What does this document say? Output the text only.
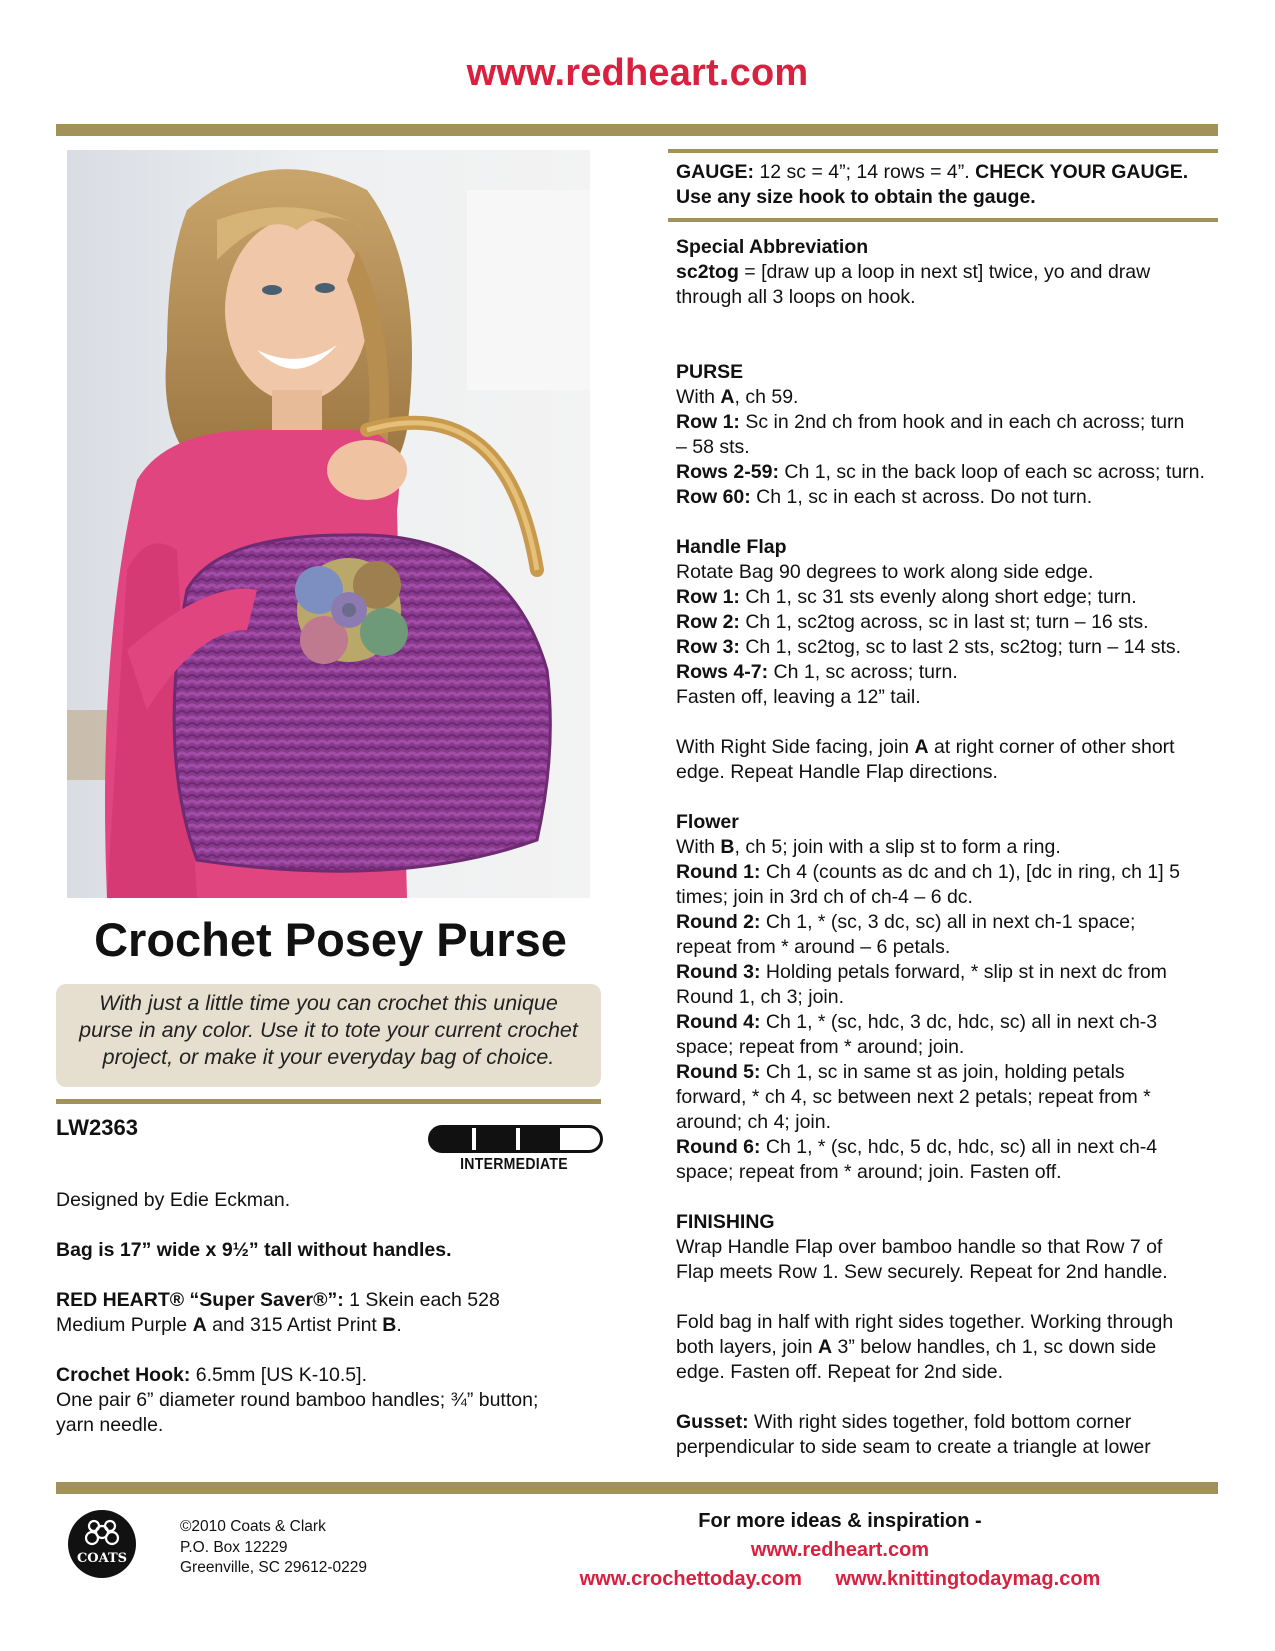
www.redheart.com
Crochet Posey Purse
With just a little time you can crochet this unique
purse in any color. Use it to tote your current crochet
project, or make it your everyday bag of choice.
LW2363
INTERMEDIATE

Designed by Edie Eckman.

Bag is 17” wide x 9½” tall without handles.

RED HEART® “Super Saver®”: 1 Skein each 528

Medium Purple A and 315 Artist Print B.

Crochet Hook: 6.5mm [US K-10.5].

One pair 6” diameter round bamboo handles; ¾” button;

yarn needle.

GAUGE: 12 sc = 4”; 14 rows = 4”. CHECK YOUR GAUGE.

Use any size hook to obtain the gauge.

Special Abbreviation

sc2tog = [draw up a loop in next st] twice, yo and draw

through all 3 loops on hook.

PURSE

With A, ch 59.

Row 1: Sc in 2nd ch from hook and in each ch across; turn

– 58 sts.

Rows 2-59: Ch 1, sc in the back loop of each sc across; turn.

Row 60: Ch 1, sc in each st across. Do not turn.

Handle Flap

Rotate Bag 90 degrees to work along side edge.

Row 1: Ch 1, sc 31 sts evenly along short edge; turn.

Row 2: Ch 1, sc2tog across, sc in last st; turn – 16 sts.

Row 3: Ch 1, sc2tog, sc to last 2 sts, sc2tog; turn – 14 sts.

Rows 4-7: Ch 1, sc across; turn.

Fasten off, leaving a 12” tail.

With Right Side facing, join A at right corner of other short

edge. Repeat Handle Flap directions.

Flower

With B, ch 5; join with a slip st to form a ring.

Round 1: Ch 4 (counts as dc and ch 1), [dc in ring, ch 1] 5

times; join in 3rd ch of ch-4 – 6 dc.

Round 2: Ch 1, * (sc, 3 dc, sc) all in next ch-1 space;

repeat from * around – 6 petals.

Round 3: Holding petals forward, * slip st in next dc from

Round 1, ch 3; join.

Round 4: Ch 1, * (sc, hdc, 3 dc, hdc, sc) all in next ch-3

space; repeat from * around; join.

Round 5: Ch 1, sc in same st as join, holding petals

forward, * ch 4, sc between next 2 petals; repeat from *

around; ch 4; join.

Round 6: Ch 1, * (sc, hdc, 5 dc, hdc, sc) all in next ch-4

space; repeat from * around; join. Fasten off.

FINISHING

Wrap Handle Flap over bamboo handle so that Row 7 of

Flap meets Row 1. Sew securely. Repeat for 2nd handle.

Fold bag in half with right sides together. Working through

both layers, join A 3” below handles, ch 1, sc down side

edge. Fasten off. Repeat for 2nd side.

Gusset: With right sides together, fold bottom corner

perpendicular to side seam to create a triangle at lower

COATS
©2010 Coats & Clark
P.O. Box 12229
Greenville, SC 29612-0229
For more ideas & inspiration -
www.redheart.com
www.crochettoday.com www.knittingtodaymag.com
